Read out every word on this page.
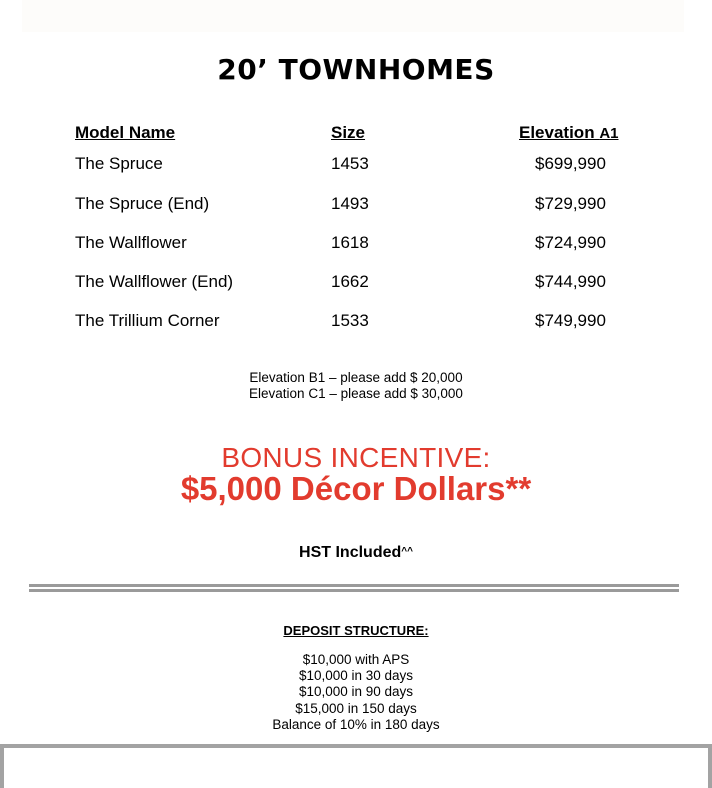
20’ TOWNHOMES
Model Name	Size	Elevation A1
The Spruce	1453	$699,990
The Spruce (End)	1493	$729,990
The Wallflower	1618	$724,990
The Wallflower (End)	1662	$744,990
The Trillium Corner	1533	$749,990
Elevation B1 – please add $ 20,000
Elevation C1 – please add $ 30,000
BONUS INCENTIVE:
$5,000 Décor Dollars**
HST Included^^
DEPOSIT STRUCTURE:
$10,000 with APS
$10,000 in 30 days
$10,000 in 90 days
$15,000 in 150 days
Balance of 10% in 180 days
